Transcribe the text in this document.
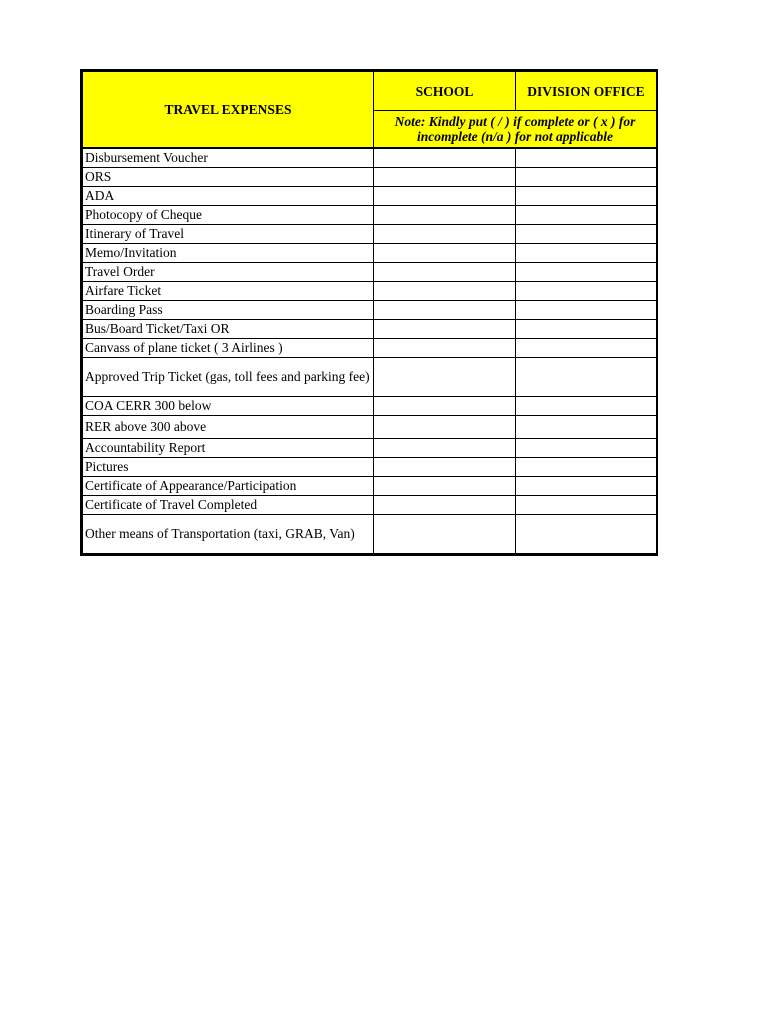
TRAVEL EXPENSES	SCHOOL	DIVISION OFFICE
	Note: Kindly put ( / ) if complete or ( x ) for incomplete (n/a ) for not applicable	
Disbursement Voucher		
ORS		
ADA		
Photocopy of Cheque		
Itinerary of Travel		
Memo/Invitation		
Travel Order		
Airfare Ticket		
Boarding Pass		
Bus/Board Ticket/Taxi OR		
Canvass of plane ticket ( 3 Airlines )		
Approved Trip Ticket (gas, toll fees and parking fee)		
COA CERR 300 below		
RER above 300 above		
Accountability Report		
Pictures		
Certificate of Appearance/Participation		
Certificate of Travel Completed		
Other means of Transportation (taxi, GRAB, Van)		
